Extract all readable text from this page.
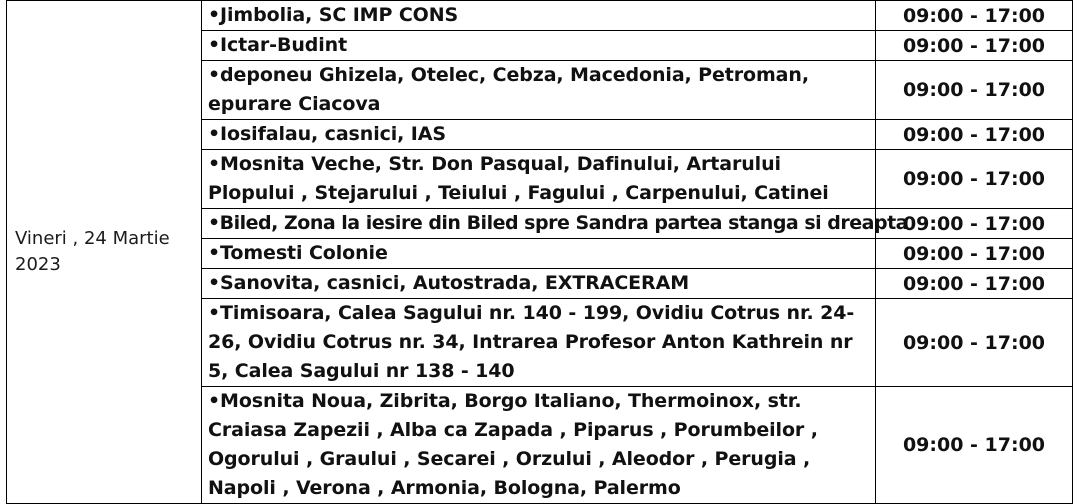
Vineri , 24 Martie 2023	•Jimbolia, SC IMP CONS	09:00 - 17:00
	•Ictar-Budint	09:00 - 17:00
	•deponeu Ghizela, Otelec, Cebza, Macedonia, Petroman, epurare Ciacova	09:00 - 17:00
	•Iosifalau, casnici, IAS	09:00 - 17:00
	•Mosnita Veche, Str. Don Pasqual, Dafinului, Artarului Plopului , Stejarului , Teiului , Fagului , Carpenului, Catinei	09:00 - 17:00
	•Biled, Zona la iesire din Biled spre Sandra partea stanga si dreapta	09:00 - 17:00
	•Tomesti Colonie	09:00 - 17:00
	•Sanovita, casnici, Autostrada, EXTRACERAM	09:00 - 17:00
	•Timisoara, Calea Sagului nr. 140 - 199, Ovidiu Cotrus nr. 24-26, Ovidiu Cotrus nr. 34, Intrarea Profesor Anton Kathrein nr 5, Calea Sagului nr 138 - 140	09:00 - 17:00
	•Mosnita Noua, Zibrita, Borgo Italiano, Thermoinox, str. Craiasa Zapezii , Alba ca Zapada , Piparus , Porumbeilor , Ogorului , Graului , Secarei , Orzului , Aleodor , Perugia , Napoli , Verona , Armonia, Bologna, Palermo	09:00 - 17:00
